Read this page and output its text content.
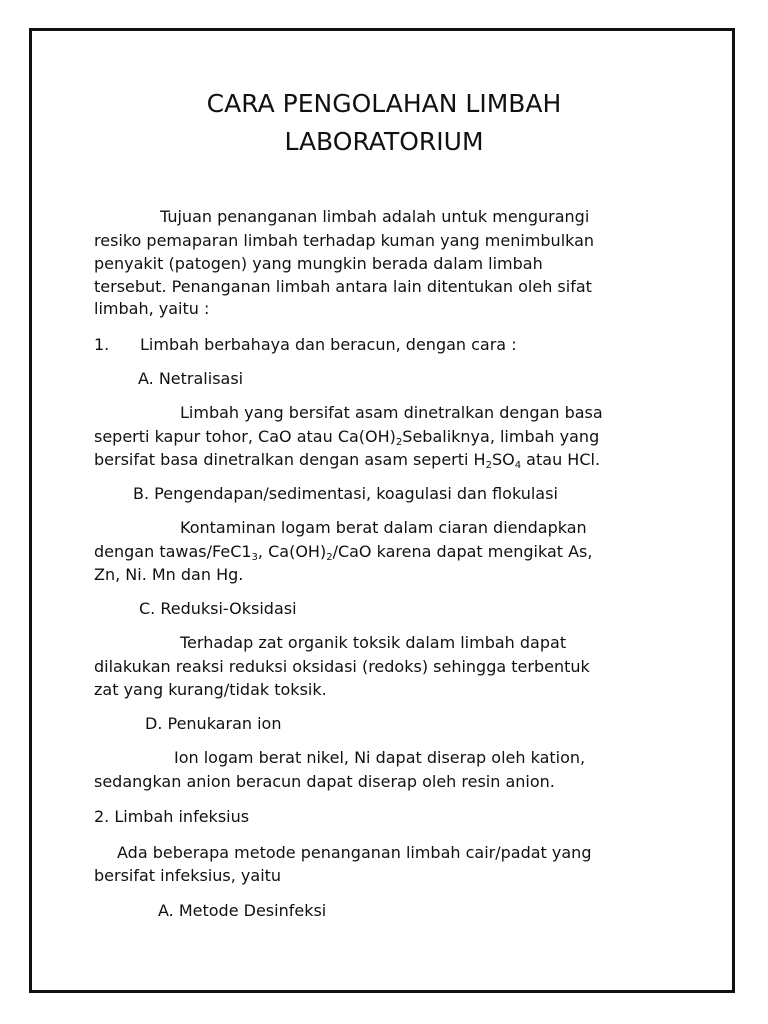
CARA PENGOLAHAN LIMBAH
LABORATORIUM

Tujuan penanganan limbah adalah untuk mengurangi

resiko pemaparan limbah terhadap kuman yang menimbulkan

penyakit (patogen) yang mungkin berada dalam limbah

tersebut. Penanganan limbah antara lain ditentukan oleh sifat

limbah, yaitu :

1. Limbah berbahaya dan beracun, dengan cara :

A. Netralisasi

Limbah yang bersifat asam dinetralkan dengan basa

seperti kapur tohor, CaO atau $Ca(OH)_2Sebaliknya$, limbah yang

bersifat basa dinetralkan dengan asam seperti $H_2SO_4$ atau HCl.

B. Pengendapan/sedimentasi, koagulasi dan flokulasi

Kontaminan logam berat dalam ciaran diendapkan

dengan tawas/$FeC1_3$, $Ca(OH)_2$/CaO karena dapat mengikat As,

Zn, Ni. Mn dan Hg.

C. Reduksi-Oksidasi

Terhadap zat organik toksik dalam limbah dapat

dilakukan reaksi reduksi oksidasi (redoks) sehingga terbentuk

zat yang kurang/tidak toksik.

D. Penukaran ion

Ion logam berat nikel, Ni dapat diserap oleh kation,

sedangkan anion beracun dapat diserap oleh resin anion.

2. Limbah infeksius

Ada beberapa metode penanganan limbah cair/padat yang

bersifat infeksius, yaitu

A. Metode Desinfeksi
